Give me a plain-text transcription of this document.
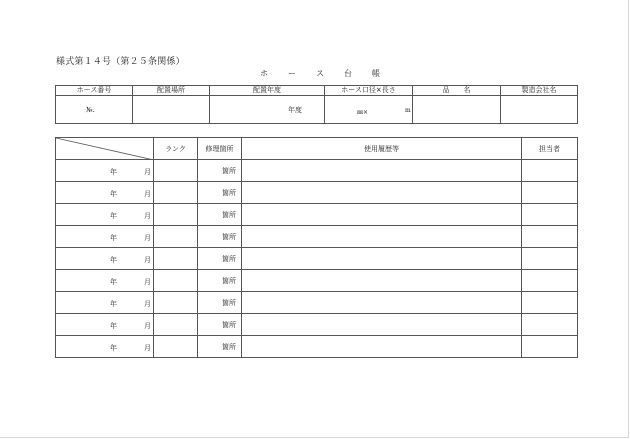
様式第１４号（第２５条関係）
ホ	ー	ス	台	帳
ホース番号	配置場所	配置年度	ホース口径×長さ	品　　名	製造会社名
№.		年度	㎜× m		

	ランク	修理箇所	使用履歴等	担当者

年 月		箇所		

年 月		箇所		

年 月		箇所		

年 月		箇所		

年 月		箇所		

年 月		箇所		

年 月		箇所		

年 月		箇所		

年 月		箇所		
